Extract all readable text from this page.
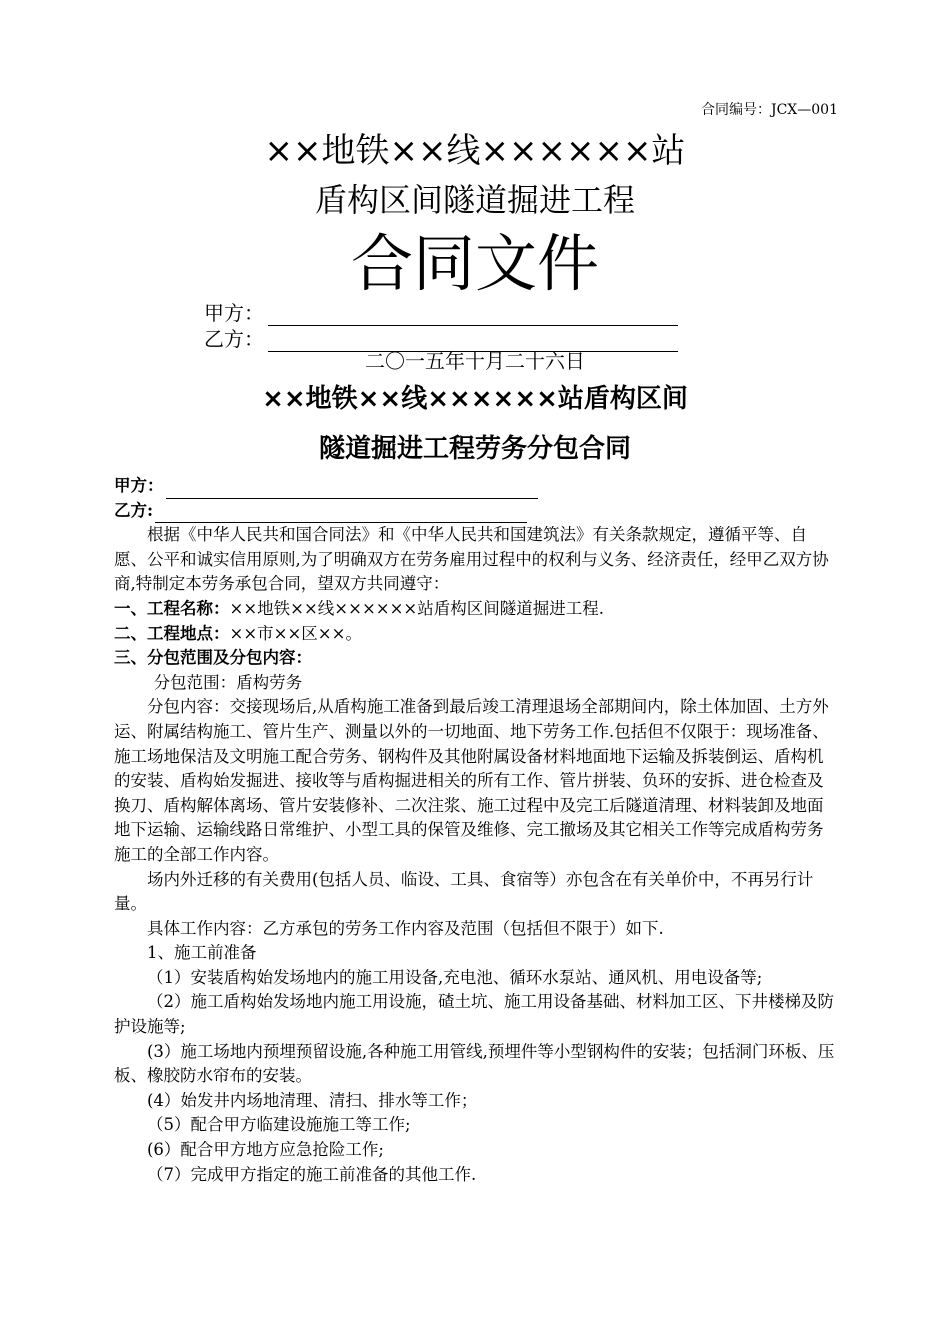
合同编号：JCX—001
××地铁××线××××××站
盾构区间隧道掘进工程
合同文件
甲方：
乙方：
二〇一五年十月二十六日
××地铁××线××××××站盾构区间
隧道掘进工程劳务分包合同
甲方：
乙方:

根据《中华人民共和国合同法》和《中华人民共和国建筑法》有关条款规定，遵循平等、自愿、公平和诚实信用原则,为了明确双方在劳务雇用过程中的权利与义务、经济责任，经甲乙双方协商,特制定本劳务承包合同，望双方共同遵守：

一、工程名称：××地铁××线××××××站盾构区间隧道掘进工程.

二、工程地点：××市××区××。

三、分包范围及分包内容：

分包范围：盾构劳务

分包内容：交接现场后,从盾构施工准备到最后竣工清理退场全部期间内，除土体加固、土方外运、附属结构施工、管片生产、测量以外的一切地面、地下劳务工作.包括但不仅限于：现场准备、施工场地保洁及文明施工配合劳务、钢构件及其他附属设备材料地面地下运输及拆装倒运、盾构机的安装、盾构始发掘进、接收等与盾构掘进相关的所有工作、管片拼装、负环的安拆、进仓检查及换刀、盾构解体离场、管片安装修补、二次注浆、施工过程中及完工后隧道清理、材料装卸及地面地下运输、运输线路日常维护、小型工具的保管及维修、完工撤场及其它相关工作等完成盾构劳务施工的全部工作内容。

场内外迁移的有关费用(包括人员、临设、工具、食宿等）亦包含在有关单价中，不再另行计量。

具体工作内容：乙方承包的劳务工作内容及范围（包括但不限于）如下.

1、施工前准备

（1）安装盾构始发场地内的施工用设备,充电池、循环水泵站、通风机、用电设备等;

（2）施工盾构始发场地内施工用设施，碴土坑、施工用设备基础、材料加工区、下井楼梯及防护设施等;

(3）施工场地内预埋预留设施,各种施工用管线,预埋件等小型钢构件的安装；包括洞门环板、压板、橡胶防水帘布的安装。

(4）始发井内场地清理、清扫、排水等工作；

（5）配合甲方临建设施施工等工作;

(6）配合甲方地方应急抢险工作;

（7）完成甲方指定的施工前准备的其他工作.
